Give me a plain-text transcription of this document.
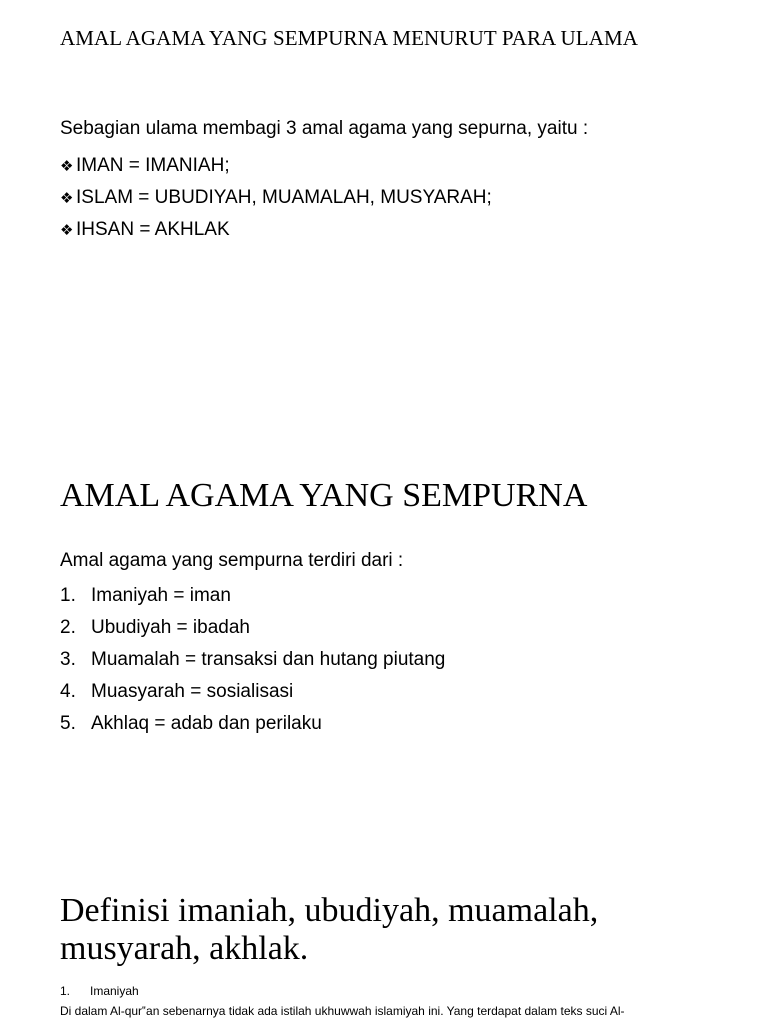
AMAL AGAMA YANG SEMPURNA MENURUT PARA ULAMA

Sebagian ulama membagi 3 amal agama yang sepurna, yaitu :

❖ IMAN = IMANIAH;
❖ ISLAM = UBUDIYAH, MUAMALAH, MUSYARAH;
❖ IHSAN = AKHLAK
AMAL AGAMA YANG SEMPURNA

Amal agama yang sempurna terdiri dari :

1. Imaniyah = iman
2. Ubudiyah = ibadah
3. Muamalah = transaksi dan hutang piutang
4. Muasyarah = sosialisasi
5. Akhlaq = adab dan perilaku
Definisi imaniah, ubudiyah, muamalah, musyarah, akhlak.
1. Imaniyah
Di dalam Al-qur‟an sebenarnya tidak ada istilah ukhuwwah islamiyah ini. Yang terdapat dalam teks suci Al-
